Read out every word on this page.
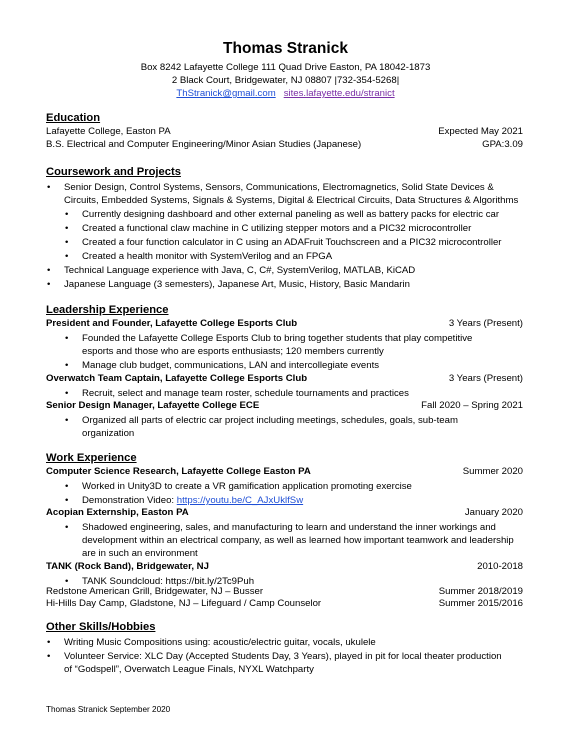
Thomas Stranick
Box 8242 Lafayette College 111 Quad Drive Easton, PA 18042-1873
2 Black Court, Bridgewater, NJ 08807 |732-354-5268|
ThStranick@gmail.com sites.lafayette.edu/stranict
Education
Lafayette College, Easton PA	Expected May 2021
B.S. Electrical and Computer Engineering/Minor Asian Studies (Japanese)	GPA:3.09
Coursework and Projects
• Senior Design, Control Systems, Sensors, Communications, Electromagnetics, Solid State Devices &
Circuits, Embedded Systems, Signals & Systems, Digital & Electrical Circuits, Data Structures & Algorithms
• Currently designing dashboard and other external paneling as well as battery packs for electric car
• Created a functional claw machine in C utilizing stepper motors and a PIC32 microcontroller
• Created a four function calculator in C using an ADAFruit Touchscreen and a PIC32 microcontroller
• Created a health monitor with SystemVerilog and an FPGA
• Technical Language experience with Java, C, C#, SystemVerilog, MATLAB, KiCAD
• Japanese Language (3 semesters), Japanese Art, Music, History, Basic Mandarin
Leadership Experience
President and Founder, Lafayette College Esports Club	3 Years (Present)
• Founded the Lafayette College Esports Club to bring together students that play competitive
esports and those who are esports enthusiasts; 120 members currently
• Manage club budget, communications, LAN and intercollegiate events
Overwatch Team Captain, Lafayette College Esports Club	3 Years (Present)
• Recruit, select and manage team roster, schedule tournaments and practices
Senior Design Manager, Lafayette College ECE	Fall 2020 – Spring 2021
• Organized all parts of electric car project including meetings, schedules, goals, sub-team
organization
Work Experience
Computer Science Research, Lafayette College Easton PA	Summer 2020
• Worked in Unity3D to create a VR gamification application promoting exercise
• Demonstration Video: https://youtu.be/C_AJxUklfSw
Acopian Externship, Easton PA	January 2020
• Shadowed engineering, sales, and manufacturing to learn and understand the inner workings and
development within an electrical company, as well as learned how important teamwork and leadership
are in such an environment
TANK (Rock Band), Bridgewater, NJ	2010-2018
• TANK Soundcloud: https://bit.ly/2Tc9Puh
Redstone American Grill, Bridgewater, NJ – Busser	Summer 2018/2019
Hi-Hills Day Camp, Gladstone, NJ – Lifeguard / Camp Counselor	Summer 2015/2016
Other Skills/Hobbies
• Writing Music Compositions using: acoustic/electric guitar, vocals, ukulele
• Volunteer Service: XLC Day (Accepted Students Day, 3 Years), played in pit for local theater production
of “Godspell”, Overwatch League Finals, NYXL Watchparty
Thomas Stranick September 2020
